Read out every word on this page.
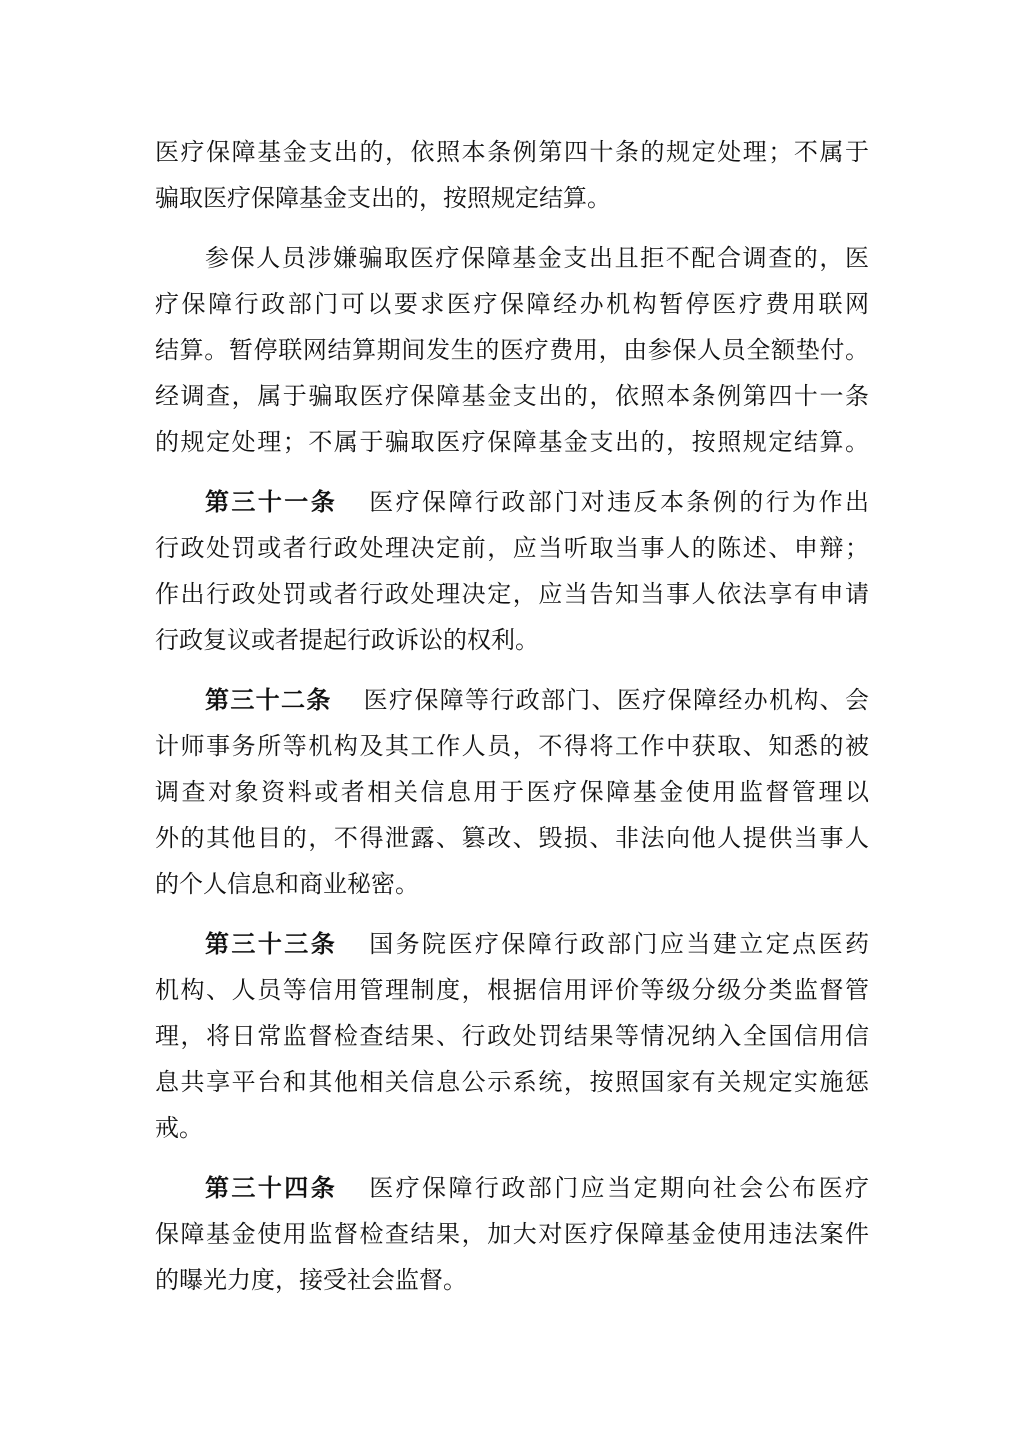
医疗保障基金支出的，依照本条例第四十条的规定处理；不属于
骗取医疗保障基金支出的，按照规定结算。
参保人员涉嫌骗取医疗保障基金支出且拒不配合调查的，医
疗保障行政部门可以要求医疗保障经办机构暂停医疗费用联网
结算。暂停联网结算期间发生的医疗费用，由参保人员全额垫付。
经调查，属于骗取医疗保障基金支出的，依照本条例第四十一条
的规定处理；不属于骗取医疗保障基金支出的，按照规定结算。
第三十一条 医疗保障行政部门对违反本条例的行为作出
行政处罚或者行政处理决定前，应当听取当事人的陈述、申辩；
作出行政处罚或者行政处理决定，应当告知当事人依法享有申请
行政复议或者提起行政诉讼的权利。
第三十二条 医疗保障等行政部门、医疗保障经办机构、会
计师事务所等机构及其工作人员，不得将工作中获取、知悉的被
调查对象资料或者相关信息用于医疗保障基金使用监督管理以
外的其他目的，不得泄露、篡改、毁损、非法向他人提供当事人
的个人信息和商业秘密。
第三十三条 国务院医疗保障行政部门应当建立定点医药
机构、人员等信用管理制度，根据信用评价等级分级分类监督管
理，将日常监督检查结果、行政处罚结果等情况纳入全国信用信
息共享平台和其他相关信息公示系统，按照国家有关规定实施惩
戒。
第三十四条 医疗保障行政部门应当定期向社会公布医疗
保障基金使用监督检查结果，加大对医疗保障基金使用违法案件
的曝光力度，接受社会监督。
